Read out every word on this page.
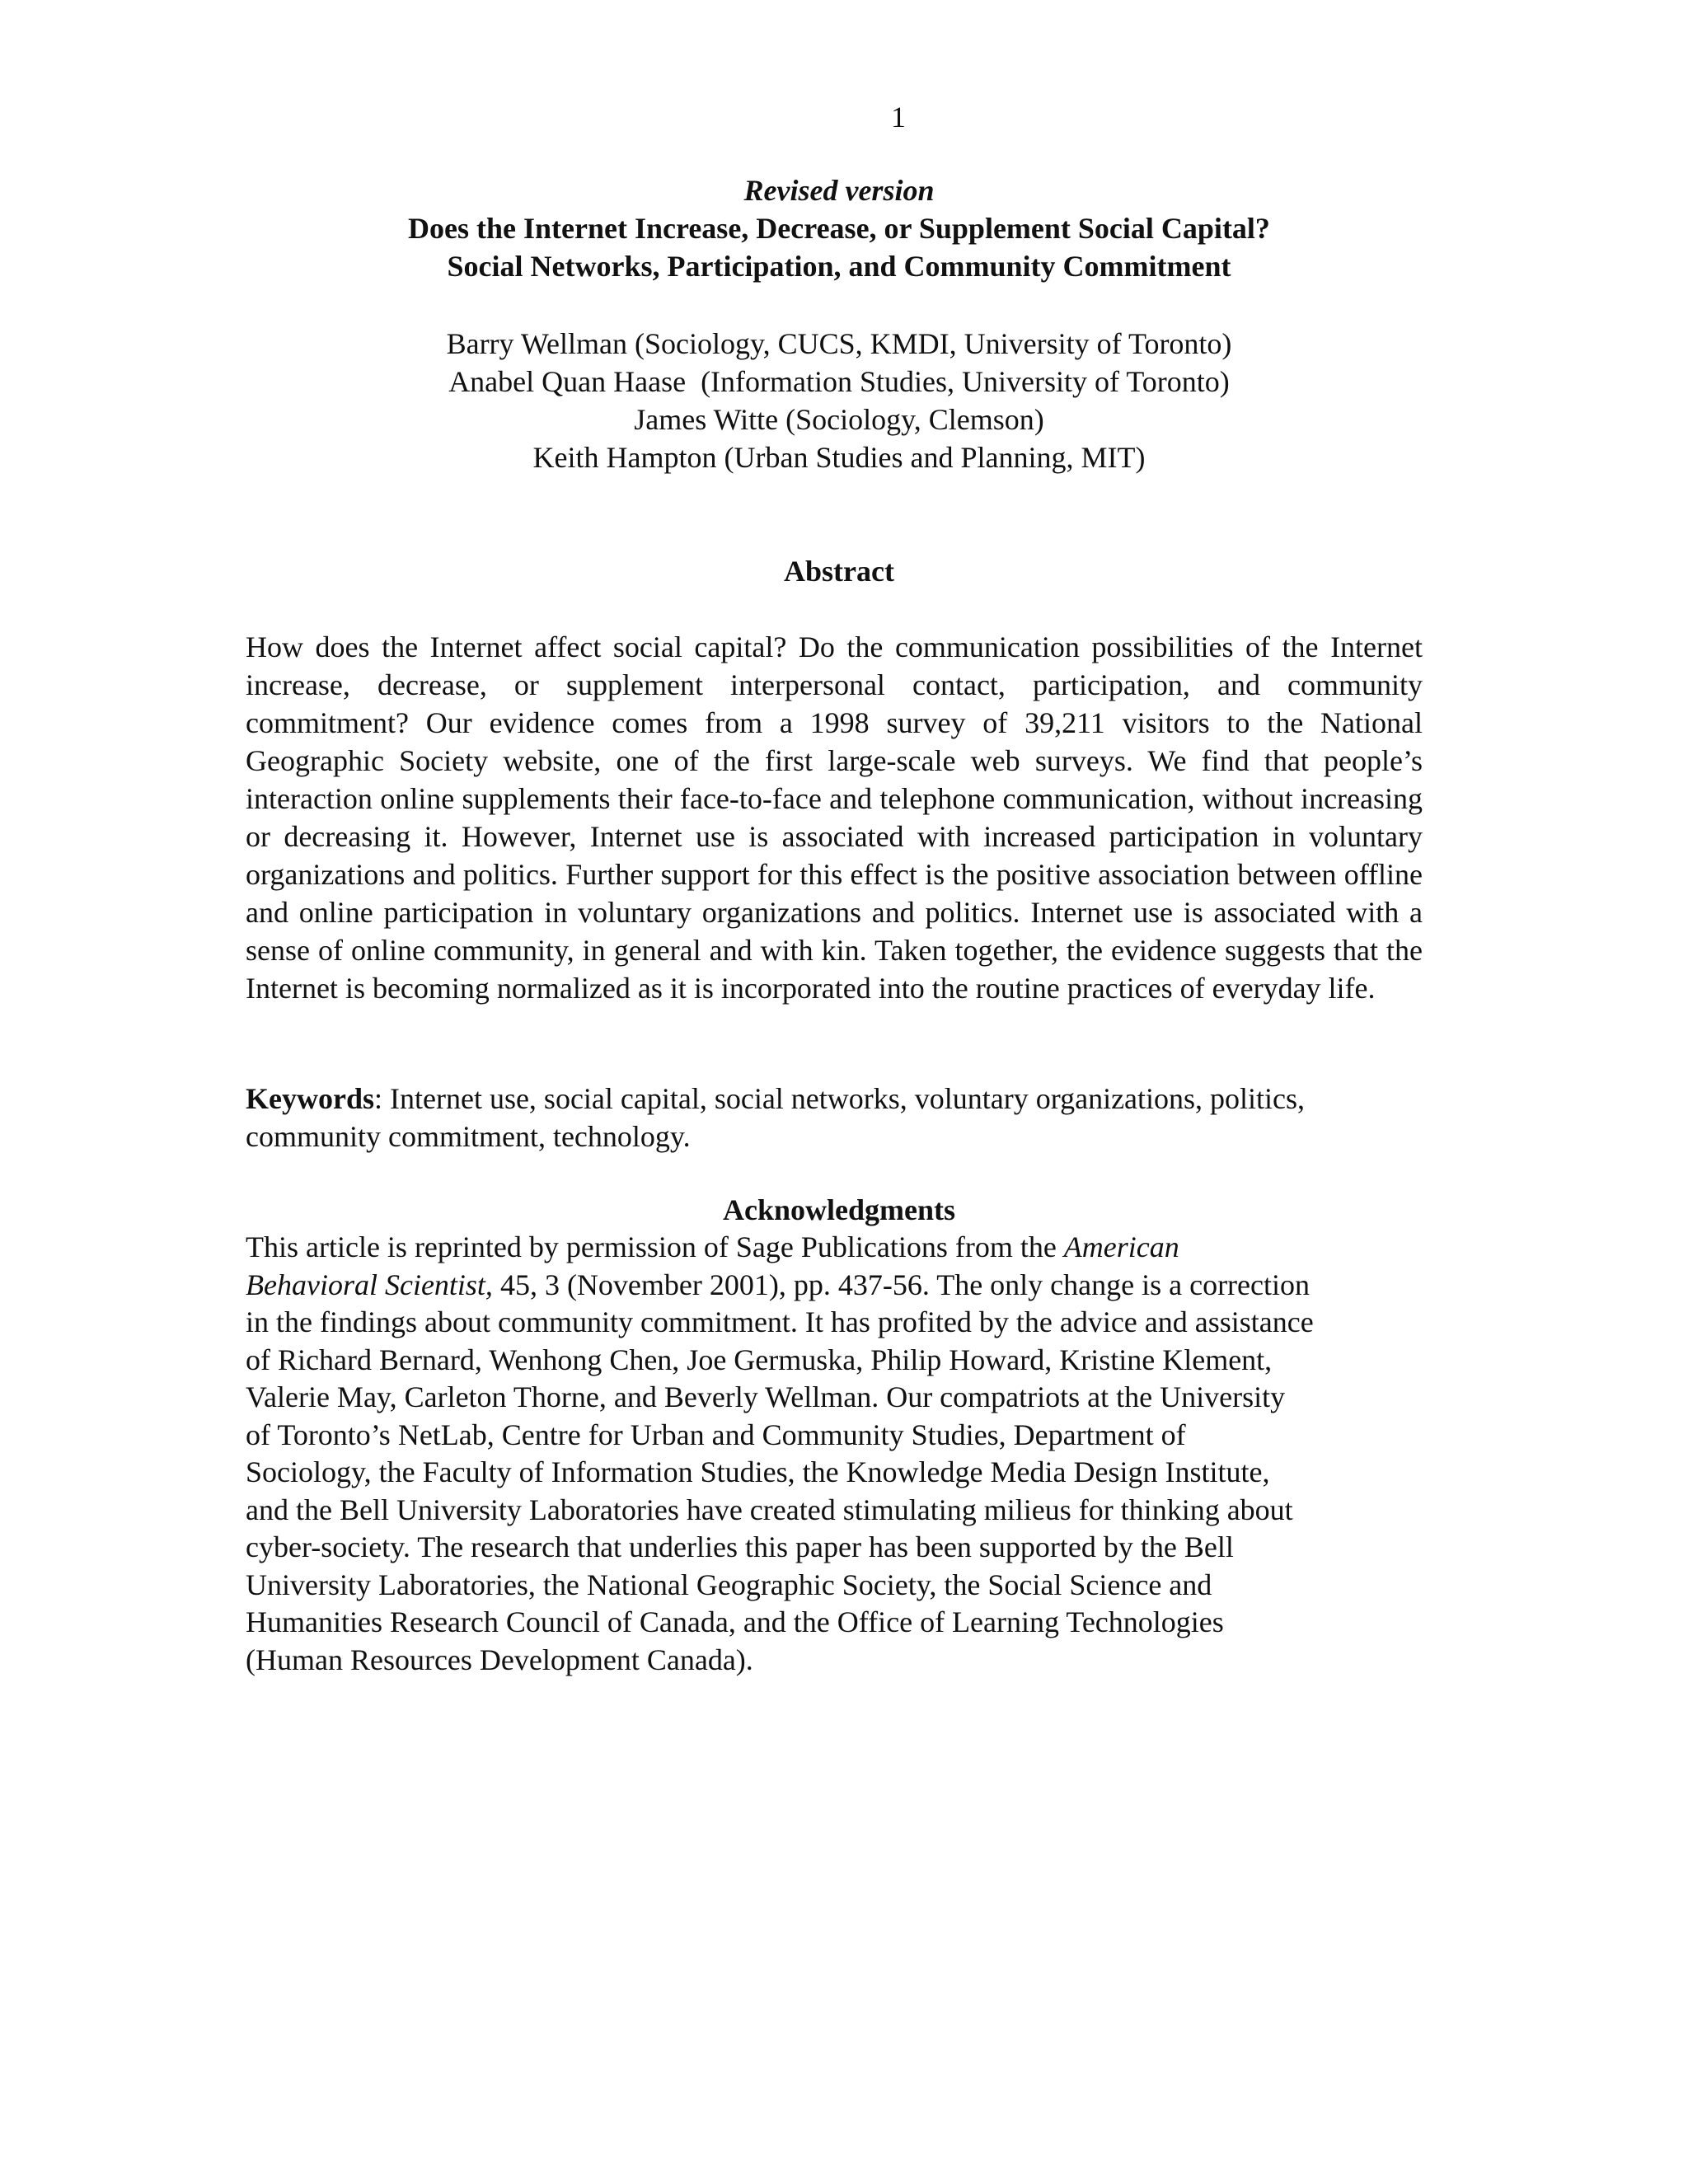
1
Revised version
Does the Internet Increase, Decrease, or Supplement Social Capital?
Social Networks, Participation, and Community Commitment
Barry Wellman (Sociology, CUCS, KMDI, University of Toronto)
Anabel Quan Haase  (Information Studies, University of Toronto)
James Witte (Sociology, Clemson)
Keith Hampton (Urban Studies and Planning, MIT)
Abstract

How does the Internet affect social capital? Do the communication possibilities of the Internet increase, decrease, or supplement interpersonal contact, participation, and community commitment? Our evidence comes from a 1998 survey of 39,211 visitors to the National Geographic Society website, one of the first large-scale web surveys. We find that people’s interaction online supplements their face-to-face and telephone communication, without increasing or decreasing it. However, Internet use is associated with increased participation in voluntary organizations and politics. Further support for this effect is the positive association between offline and online participation in voluntary organizations and politics. Internet use is associated with a sense of online community, in general and with kin. Taken together, the evidence suggests that the Internet is becoming normalized as it is incorporated into the routine practices of everyday life.

Keywords: Internet use, social capital, social networks, voluntary organizations, politics, community commitment, technology.

Acknowledgments
This article is reprinted by permission of Sage Publications from the American
Behavioral Scientist, 45, 3 (November 2001), pp. 437-56. The only change is a correction
in the findings about community commitment. It has profited by the advice and assistance
of Richard Bernard, Wenhong Chen, Joe Germuska, Philip Howard, Kristine Klement,
Valerie May, Carleton Thorne, and Beverly Wellman. Our compatriots at the University
of Toronto’s NetLab, Centre for Urban and Community Studies, Department of
Sociology, the Faculty of Information Studies, the Knowledge Media Design Institute,
and the Bell University Laboratories have created stimulating milieus for thinking about
cyber-society. The research that underlies this paper has been supported by the Bell
University Laboratories, the National Geographic Society, the Social Science and
Humanities Research Council of Canada, and the Office of Learning Technologies
(Human Resources Development Canada).
